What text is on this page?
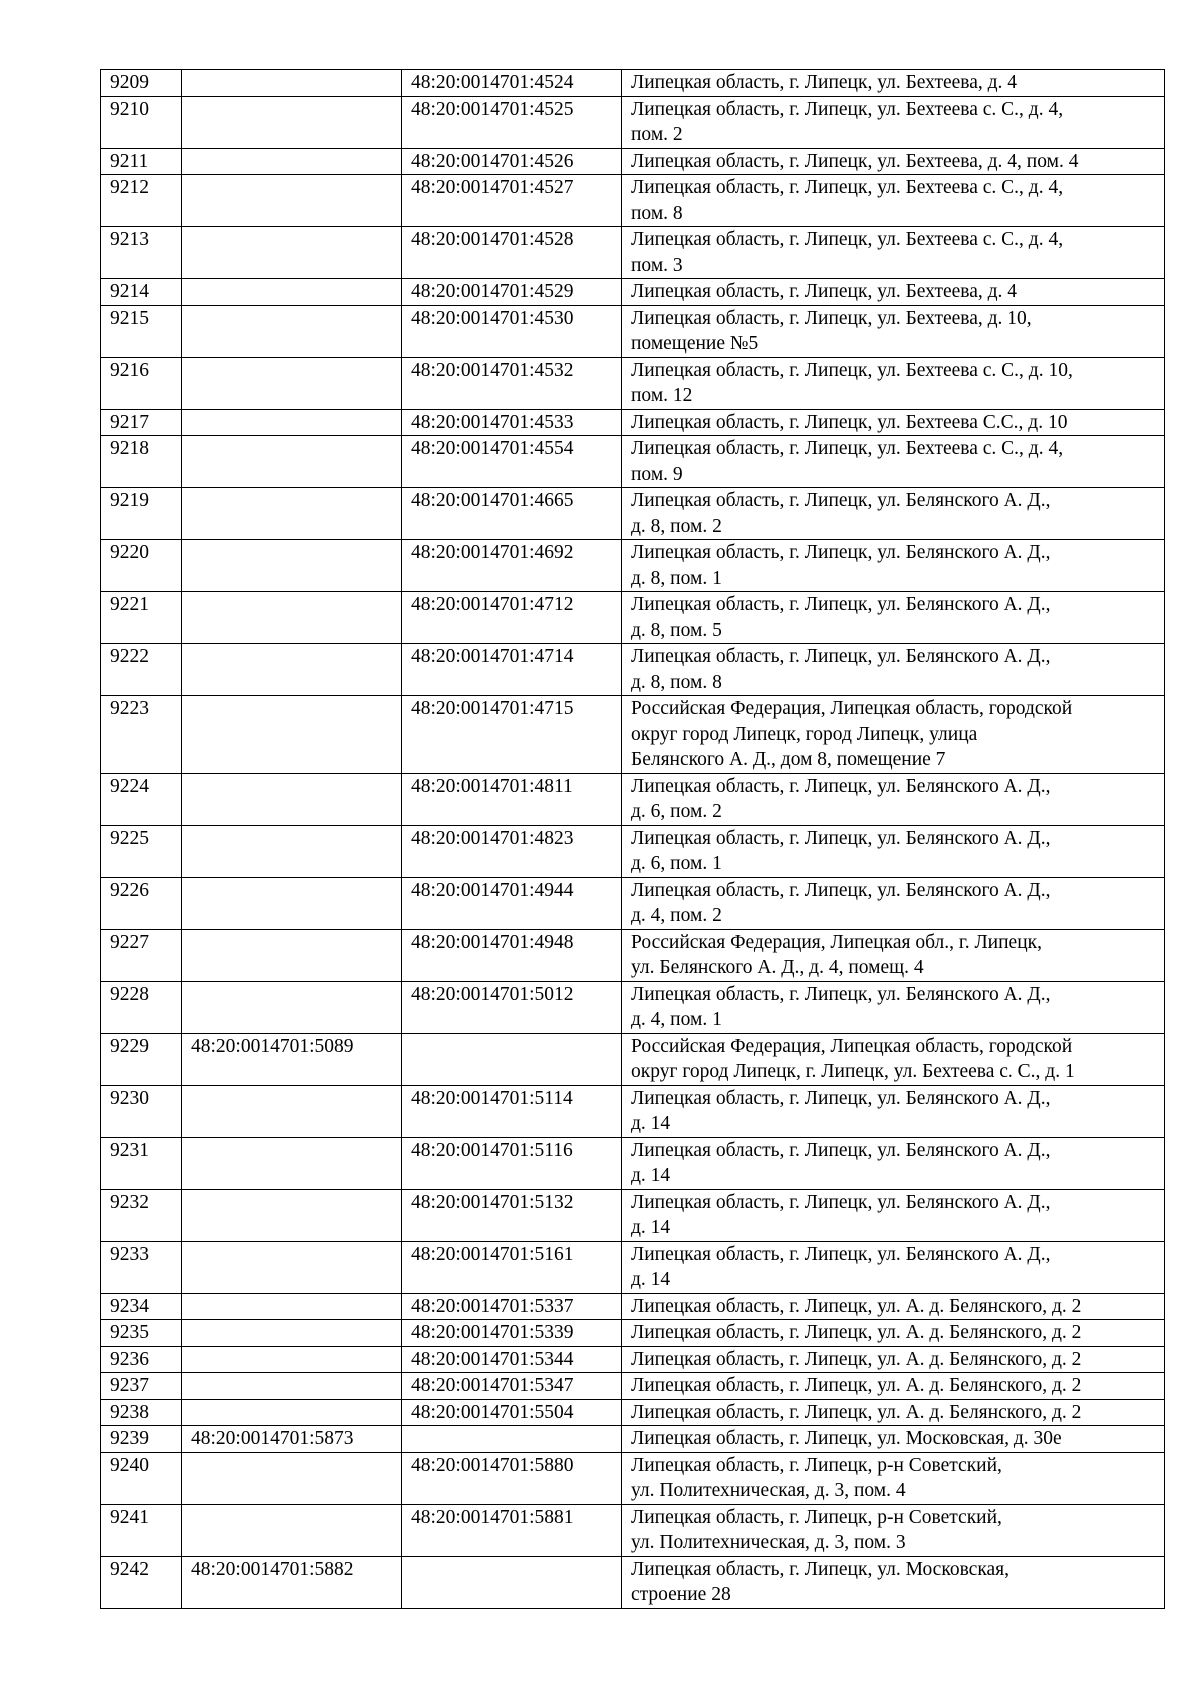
9209		48:20:0014701:4524	Липецкая область, г. Липецк, ул. Бехтеева, д. 4
9210		48:20:0014701:4525	Липецкая область, г. Липецк, ул. Бехтеева с. С., д. 4,
пом. 2
9211		48:20:0014701:4526	Липецкая область, г. Липецк, ул. Бехтеева, д. 4, пом. 4
9212		48:20:0014701:4527	Липецкая область, г. Липецк, ул. Бехтеева с. С., д. 4,
пом. 8
9213		48:20:0014701:4528	Липецкая область, г. Липецк, ул. Бехтеева с. С., д. 4,
пом. 3
9214		48:20:0014701:4529	Липецкая область, г. Липецк, ул. Бехтеева, д. 4
9215		48:20:0014701:4530	Липецкая область, г. Липецк, ул. Бехтеева, д. 10,
помещение №5
9216		48:20:0014701:4532	Липецкая область, г. Липецк, ул. Бехтеева с. С., д. 10,
пом. 12
9217		48:20:0014701:4533	Липецкая область, г. Липецк, ул. Бехтеева С.С., д. 10
9218		48:20:0014701:4554	Липецкая область, г. Липецк, ул. Бехтеева с. С., д. 4,
пом. 9
9219		48:20:0014701:4665	Липецкая область, г. Липецк, ул. Белянского А. Д.,
д. 8, пом. 2
9220		48:20:0014701:4692	Липецкая область, г. Липецк, ул. Белянского А. Д.,
д. 8, пом. 1
9221		48:20:0014701:4712	Липецкая область, г. Липецк, ул. Белянского А. Д.,
д. 8, пом. 5
9222		48:20:0014701:4714	Липецкая область, г. Липецк, ул. Белянского А. Д.,
д. 8, пом. 8
9223		48:20:0014701:4715	Российская Федерация, Липецкая область, городской
округ город Липецк, город Липецк, улица
Белянского А. Д., дом 8, помещение 7
9224		48:20:0014701:4811	Липецкая область, г. Липецк, ул. Белянского А. Д.,
д. 6, пом. 2
9225		48:20:0014701:4823	Липецкая область, г. Липецк, ул. Белянского А. Д.,
д. 6, пом. 1
9226		48:20:0014701:4944	Липецкая область, г. Липецк, ул. Белянского А. Д.,
д. 4, пом. 2
9227		48:20:0014701:4948	Российская Федерация, Липецкая обл., г. Липецк,
ул. Белянского А. Д., д. 4, помещ. 4
9228		48:20:0014701:5012	Липецкая область, г. Липецк, ул. Белянского А. Д.,
д. 4, пом. 1
9229	48:20:0014701:5089		Российская Федерация, Липецкая область, городской
округ город Липецк, г. Липецк, ул. Бехтеева с. С., д. 1
9230		48:20:0014701:5114	Липецкая область, г. Липецк, ул. Белянского А. Д.,
д. 14
9231		48:20:0014701:5116	Липецкая область, г. Липецк, ул. Белянского А. Д.,
д. 14
9232		48:20:0014701:5132	Липецкая область, г. Липецк, ул. Белянского А. Д.,
д. 14
9233		48:20:0014701:5161	Липецкая область, г. Липецк, ул. Белянского А. Д.,
д. 14
9234		48:20:0014701:5337	Липецкая область, г. Липецк, ул. А. д. Белянского, д. 2
9235		48:20:0014701:5339	Липецкая область, г. Липецк, ул. А. д. Белянского, д. 2
9236		48:20:0014701:5344	Липецкая область, г. Липецк, ул. А. д. Белянского, д. 2
9237		48:20:0014701:5347	Липецкая область, г. Липецк, ул. А. д. Белянского, д. 2
9238		48:20:0014701:5504	Липецкая область, г. Липецк, ул. А. д. Белянского, д. 2
9239	48:20:0014701:5873		Липецкая область, г. Липецк, ул. Московская, д. 30е
9240		48:20:0014701:5880	Липецкая область, г. Липецк, р-н Советский,
ул. Политехническая, д. 3, пом. 4
9241		48:20:0014701:5881	Липецкая область, г. Липецк, р-н Советский,
ул. Политехническая, д. 3, пом. 3
9242	48:20:0014701:5882		Липецкая область, г. Липецк, ул. Московская,
строение 28
